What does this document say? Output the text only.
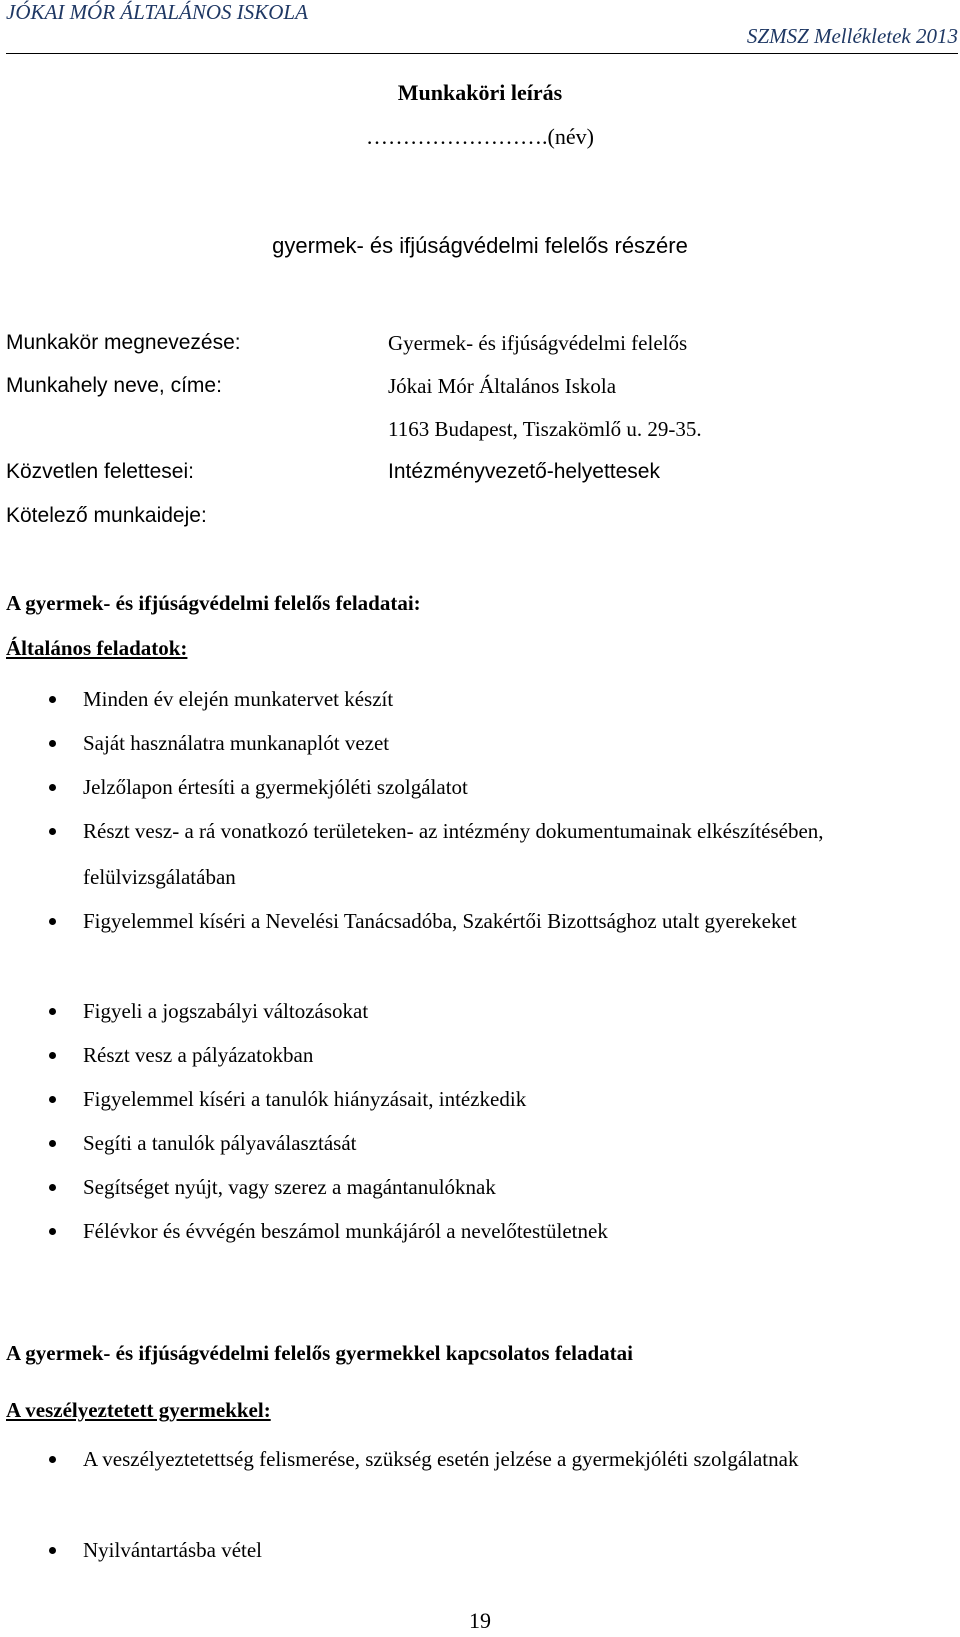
JÓKAI MÓR ÁLTALÁNOS ISKOLA
SZMSZ Mellékletek 2013
Munkaköri leírás
…………………….(név)
gyermek- és ifjúságvédelmi felelős részére
Munkakör megnevezése:	Gyermek- és ifjúságvédelmi felelős
Munkahely neve, címe:	Jókai Mór Általános Iskola
1163 Budapest, Tiszakömlő u. 29-35.
Közvetlen felettesei:	Intézményvezető-helyettesek
Kötelező munkaideje:
A gyermek- és ifjúságvédelmi felelős feladatai:
Általános feladatok:
Minden év elején munkatervet készít
Saját használatra munkanaplót vezet
Jelzőlapon értesíti a gyermekjóléti szolgálatot
Részt vesz- a rá vonatkozó területeken- az intézmény dokumentumainak elkészítésében, felülvizsgálatában
Figyelemmel kíséri a Nevelési Tanácsadóba, Szakértői Bizottsághoz utalt gyerekeket
Figyeli a jogszabályi változásokat
Részt vesz a pályázatokban
Figyelemmel kíséri a tanulók hiányzásait, intézkedik
Segíti a tanulók pályaválasztását
Segítséget nyújt, vagy szerez a magántanulóknak
Félévkor és évvégén beszámol munkájáról a nevelőtestületnek
A gyermek- és ifjúságvédelmi felelős gyermekkel kapcsolatos feladatai
A veszélyeztetett gyermekkel:
A veszélyeztetettség felismerése, szükség esetén jelzése a gyermekjóléti szolgálatnak
Nyilvántartásba vétel
19
